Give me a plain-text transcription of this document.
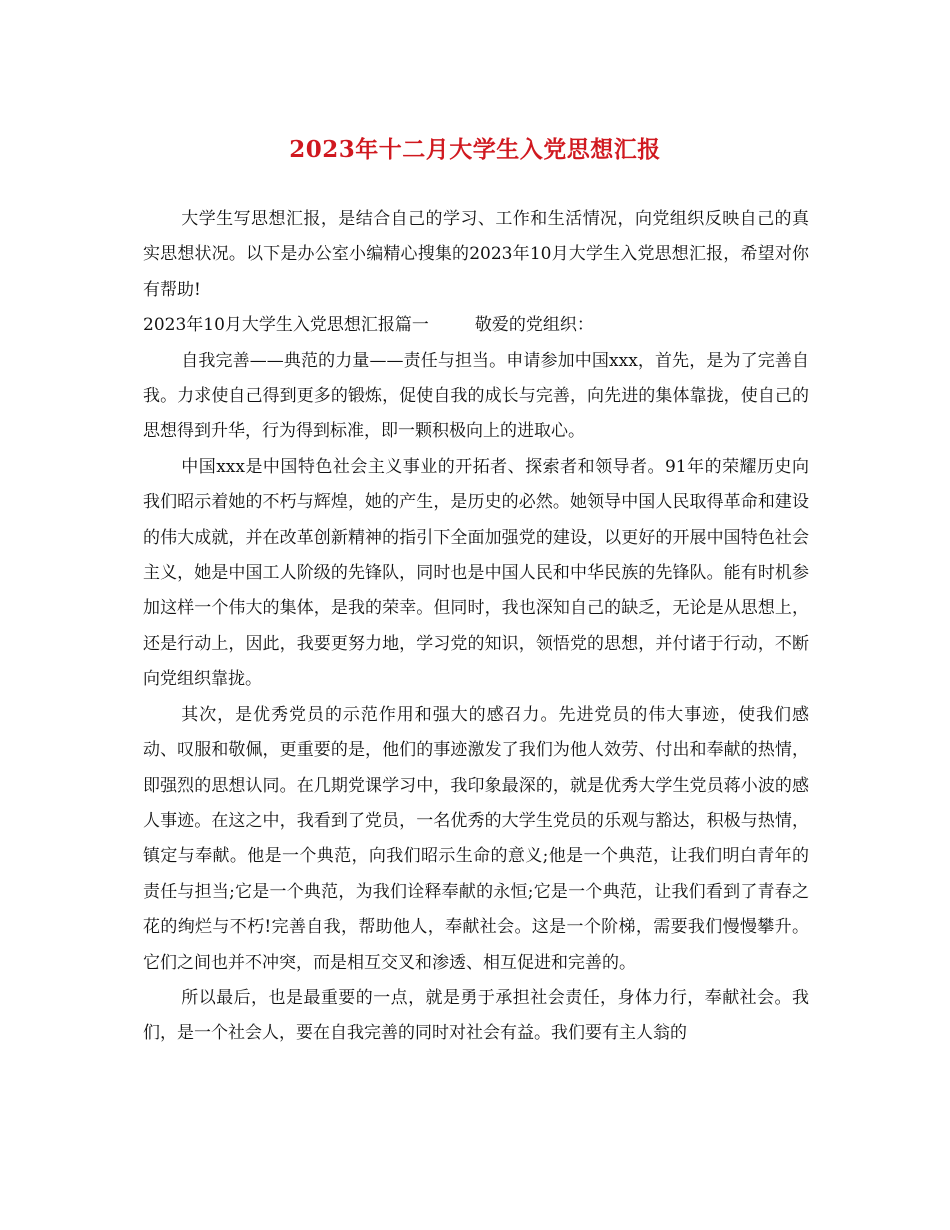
2023年十二月大学生入党思想汇报

大学生写思想汇报，是结合自己的学习、工作和生活情况，向党组织反映自己的真实思想状况。以下是办公室小编精心搜集的2023年10月大学生入党思想汇报，希望对你有帮助!

2023年10月大学生入党思想汇报篇一	敬爱的党组织：

自我完善——典范的力量——责任与担当。申请参加中国xxx，首先，是为了完善自我。力求使自己得到更多的锻炼，促使自我的成长与完善，向先进的集体靠拢，使自己的思想得到升华，行为得到标准，即一颗积极向上的进取心。

中国xxx是中国特色社会主义事业的开拓者、探索者和领导者。91年的荣耀历史向我们昭示着她的不朽与辉煌，她的产生，是历史的必然。她领导中国人民取得革命和建设的伟大成就，并在改革创新精神的指引下全面加强党的建设，以更好的开展中国特色社会主义，她是中国工人阶级的先锋队，同时也是中国人民和中华民族的先锋队。能有时机参加这样一个伟大的集体，是我的荣幸。但同时，我也深知自己的缺乏，无论是从思想上，还是行动上，因此，我要更努力地，学习党的知识，领悟党的思想，并付诸于行动，不断向党组织靠拢。

其次，是优秀党员的示范作用和强大的感召力。先进党员的伟大事迹，使我们感动、叹服和敬佩，更重要的是，他们的事迹激发了我们为他人效劳、付出和奉献的热情，即强烈的思想认同。在几期党课学习中，我印象最深的，就是优秀大学生党员蒋小波的感人事迹。在这之中，我看到了党员，一名优秀的大学生党员的乐观与豁达，积极与热情，镇定与奉献。他是一个典范，向我们昭示生命的意义;他是一个典范，让我们明白青年的责任与担当;它是一个典范，为我们诠释奉献的永恒;它是一个典范，让我们看到了青春之花的绚烂与不朽!完善自我，帮助他人，奉献社会。这是一个阶梯，需要我们慢慢攀升。它们之间也并不冲突，而是相互交叉和渗透、相互促进和完善的。

所以最后，也是最重要的一点，就是勇于承担社会责任，身体力行，奉献社会。我们，是一个社会人，要在自我完善的同时对社会有益。我们要有主人翁的
